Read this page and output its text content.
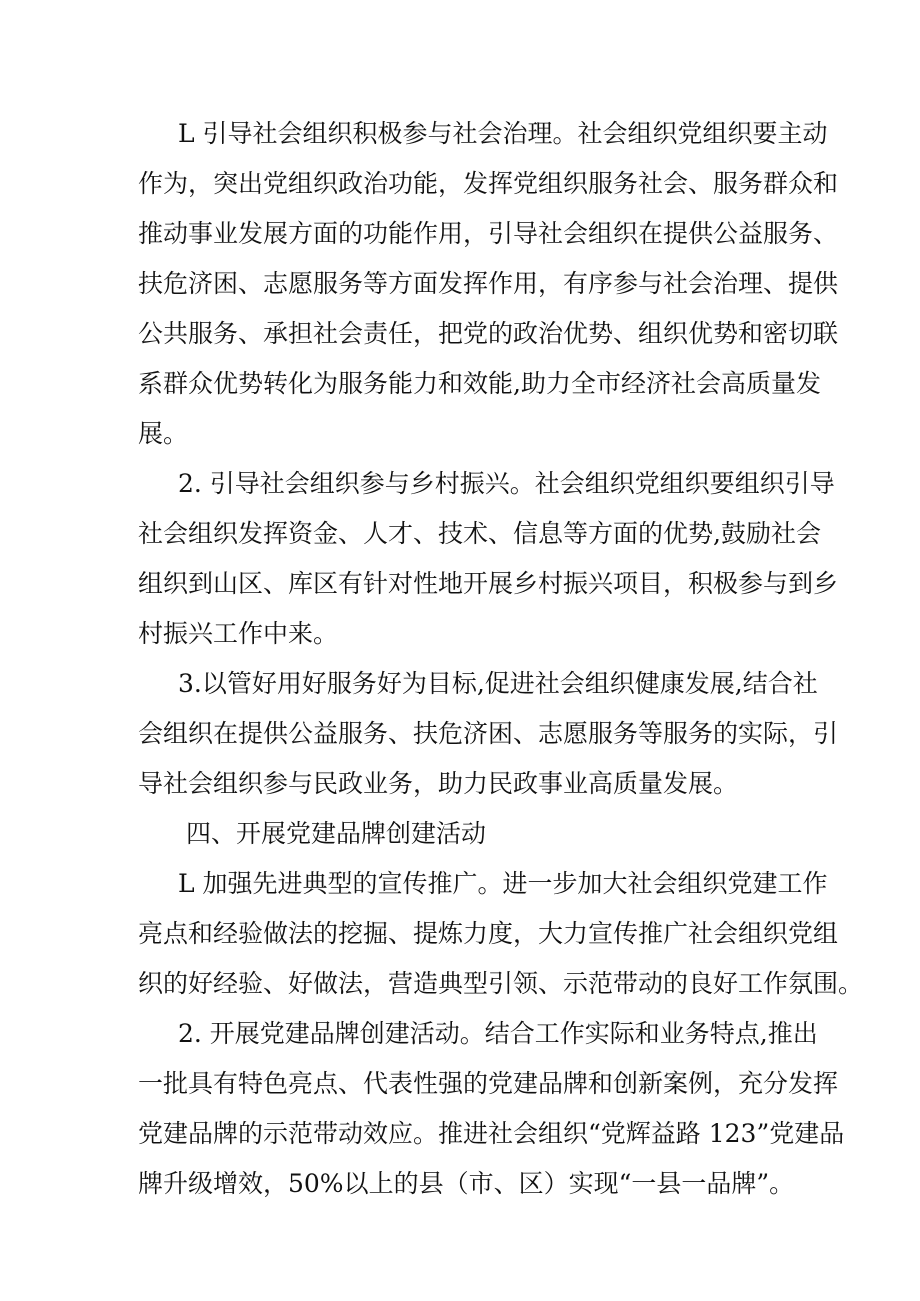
L 引导社会组织积极参与社会治理。社会组织党组织要主动

作为，突出党组织政治功能，发挥党组织服务社会、服务群众和

推动事业发展方面的功能作用，引导社会组织在提供公益服务、

扶危济困、志愿服务等方面发挥作用，有序参与社会治理、提供

公共服务、承担社会责任，把党的政治优势、组织优势和密切联

系群众优势转化为服务能力和效能,助力全市经济社会高质量发

展。

2. 引导社会组织参与乡村振兴。社会组织党组织要组织引导

社会组织发挥资金、人才、技术、信息等方面的优势,鼓励社会

组织到山区、库区有针对性地开展乡村振兴项目，积极参与到乡

村振兴工作中来。

3.以管好用好服务好为目标,促进社会组织健康发展,结合社

会组织在提供公益服务、扶危济困、志愿服务等服务的实际，引

导社会组织参与民政业务，助力民政事业高质量发展。

四、开展党建品牌创建活动

L 加强先进典型的宣传推广。进一步加大社会组织党建工作

亮点和经验做法的挖掘、提炼力度，大力宣传推广社会组织党组

织的好经验、好做法，营造典型引领、示范带动的良好工作氛围。

2. 开展党建品牌创建活动。结合工作实际和业务特点,推出

一批具有特色亮点、代表性强的党建品牌和创新案例，充分发挥

党建品牌的示范带动效应。推进社会组织“党辉益路 123”党建品

牌升级增效，50%以上的县（市、区）实现“一县一品牌”。
